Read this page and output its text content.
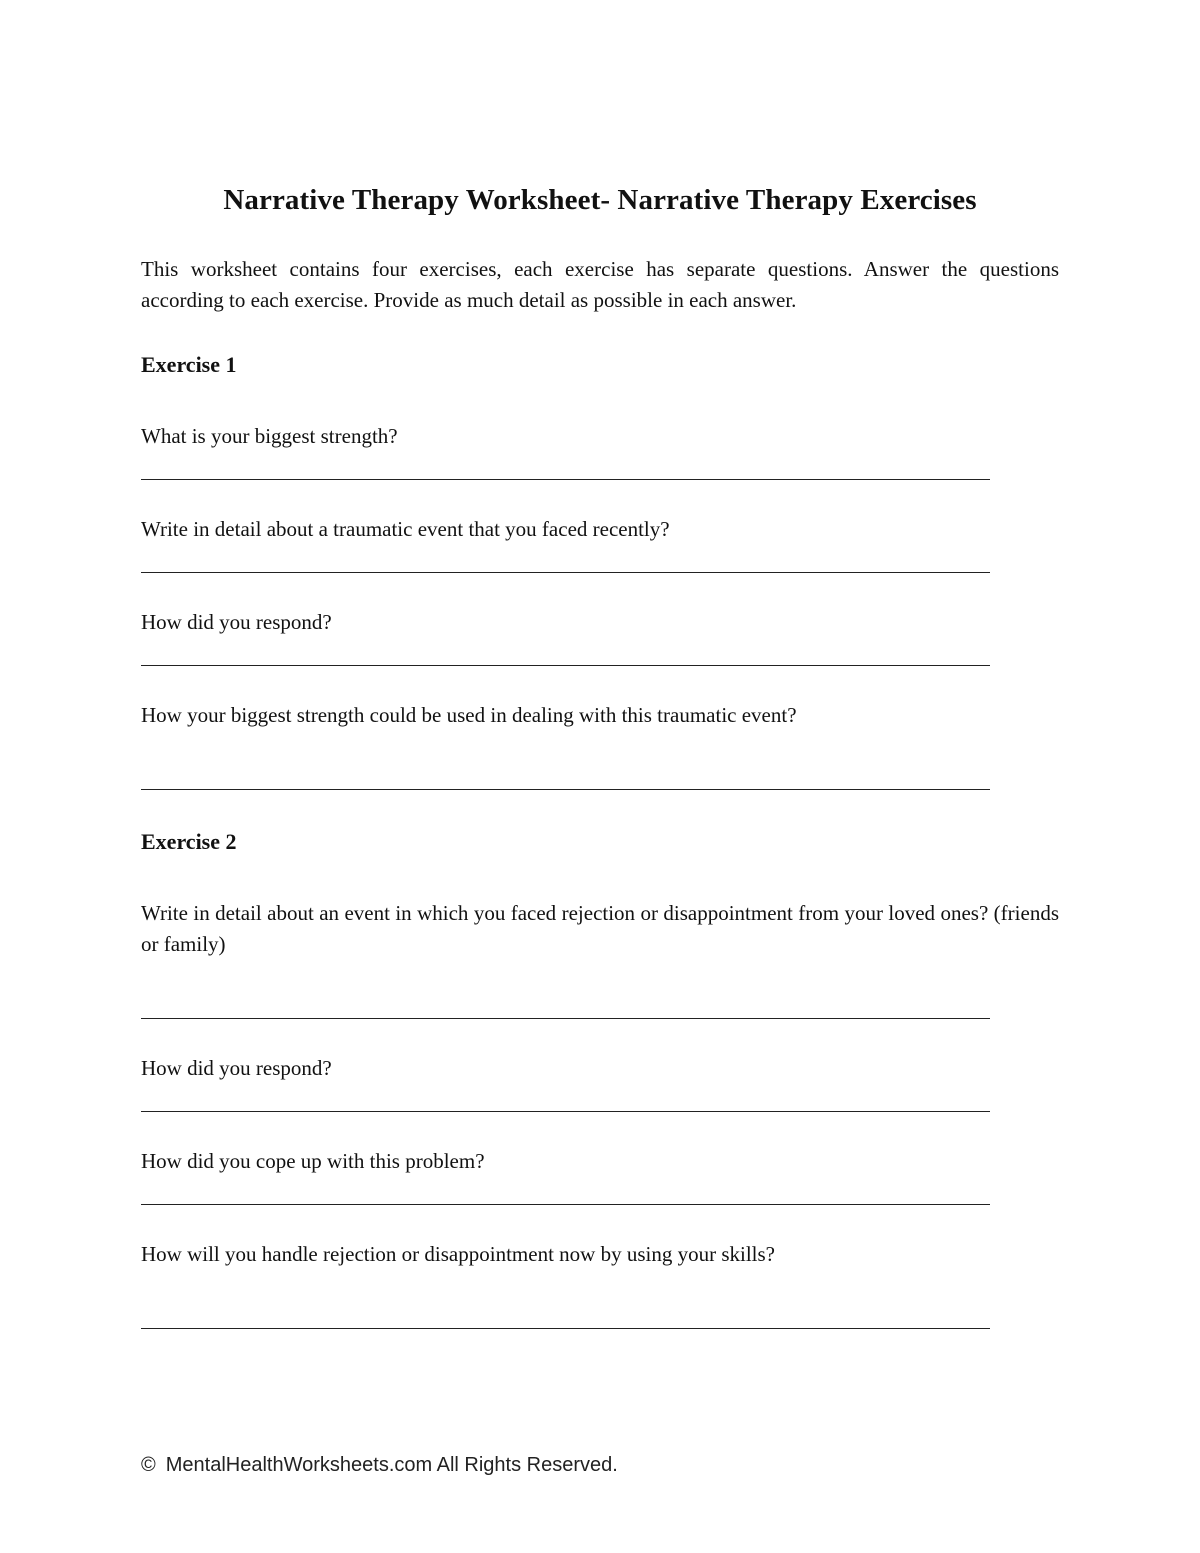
Narrative Therapy Worksheet- Narrative Therapy Exercises
This worksheet contains four exercises, each exercise has separate questions. Answer the questions according to each exercise. Provide as much detail as possible in each answer.
Exercise 1
What is your biggest strength?
Write in detail about a traumatic event that you faced recently?
How did you respond?
How your biggest strength could be used in dealing with this traumatic event?
Exercise 2
Write in detail about an event in which you faced rejection or disappointment from your loved ones? (friends or family)
How did you respond?
How did you cope up with this problem?
How will you handle rejection or disappointment now by using your skills?
© MentalHealthWorksheets.com All Rights Reserved.
